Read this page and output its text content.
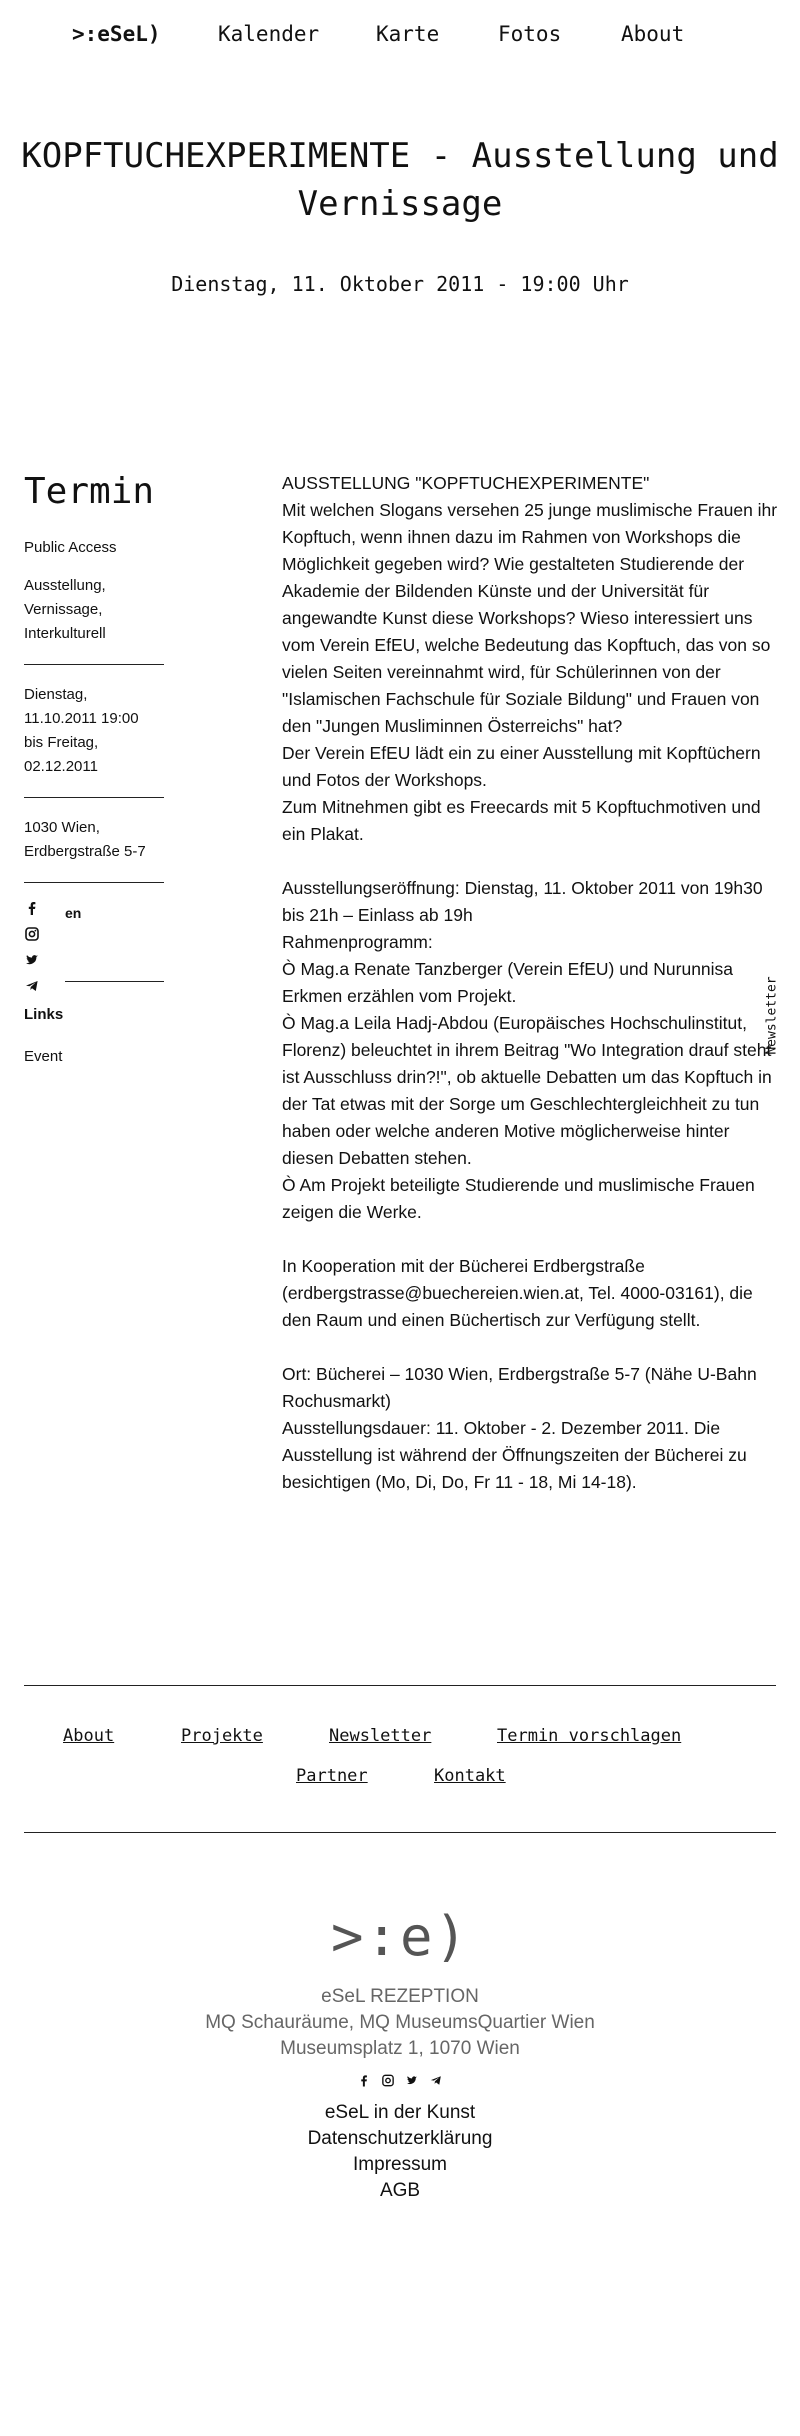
>:eSeL)	Kalender	Karte	Fotos	About
KOPFTUCHEXPERIMENTE - Ausstellung und Vernissage
Dienstag, 11. Oktober 2011 - 19:00 Uhr
Termin

Public Access

Ausstellung,
Vernissage,
Interkulturell

Dienstag,
11.10.2011 19:00
bis Freitag,
02.12.2011

1030 Wien,
Erdbergstraße 5-7

en

Links

Event

AUSSTELLUNG "KOPFTUCHEXPERIMENTE"

Mit welchen Slogans versehen 25 junge muslimische Frauen ihr Kopftuch, wenn ihnen dazu im Rahmen von Workshops die Möglichkeit gegeben wird? Wie gestalteten Studierende der Akademie der Bildenden Künste und der Universität für angewandte Kunst diese Workshops? Wieso interessiert uns vom Verein EfEU, welche Bedeutung das Kopftuch, das von so vielen Seiten vereinnahmt wird, für Schülerinnen von der "Islamischen Fachschule für Soziale Bildung" und Frauen von den "Jungen Musliminnen Österreichs" hat?

Der Verein EfEU lädt ein zu einer Ausstellung mit Kopftüchern und Fotos der Workshops.

Zum Mitnehmen gibt es Freecards mit 5 Kopftuchmotiven und ein Plakat.

Ausstellungseröffnung: Dienstag, 11. Oktober 2011 von 19h30 bis 21h – Einlass ab 19h

Rahmenprogramm:

Ò Mag.a Renate Tanzberger (Verein EfEU) und Nurunnisa Erkmen erzählen vom Projekt.

Ò Mag.a Leila Hadj-Abdou (Europäisches Hochschulinstitut, Florenz) beleuchtet in ihrem Beitrag "Wo Integration drauf steht ist Ausschluss drin?!", ob aktuelle Debatten um das Kopftuch in der Tat etwas mit der Sorge um Geschlechtergleichheit zu tun haben oder welche anderen Motive möglicherweise hinter diesen Debatten stehen.

Ò Am Projekt beteiligte Studierende und muslimische Frauen zeigen die Werke.

In Kooperation mit der Bücherei Erdbergstraße (erdbergstrasse@buechereien.wien.at, Tel. 4000-03161), die den Raum und einen Büchertisch zur Verfügung stellt.

Ort: Bücherei – 1030 Wien, Erdbergstraße 5-7 (Nähe U-Bahn Rochusmarkt)

Ausstellungsdauer: 11. Oktober - 2. Dezember 2011. Die Ausstellung ist während der Öffnungszeiten der Bücherei zu besichtigen (Mo, Di, Do, Fr 11 - 18, Mi 14-18).

Newsletter
About	Projekte	Newsletter	Termin vorschlagen
Partner	Kontakt
>:e)
eSeL REZEPTION
MQ Schauräume, MQ MuseumsQuartier Wien
Museumsplatz 1, 1070 Wien

eSeL in der Kunst
Datenschutzerklärung
Impressum
AGB
